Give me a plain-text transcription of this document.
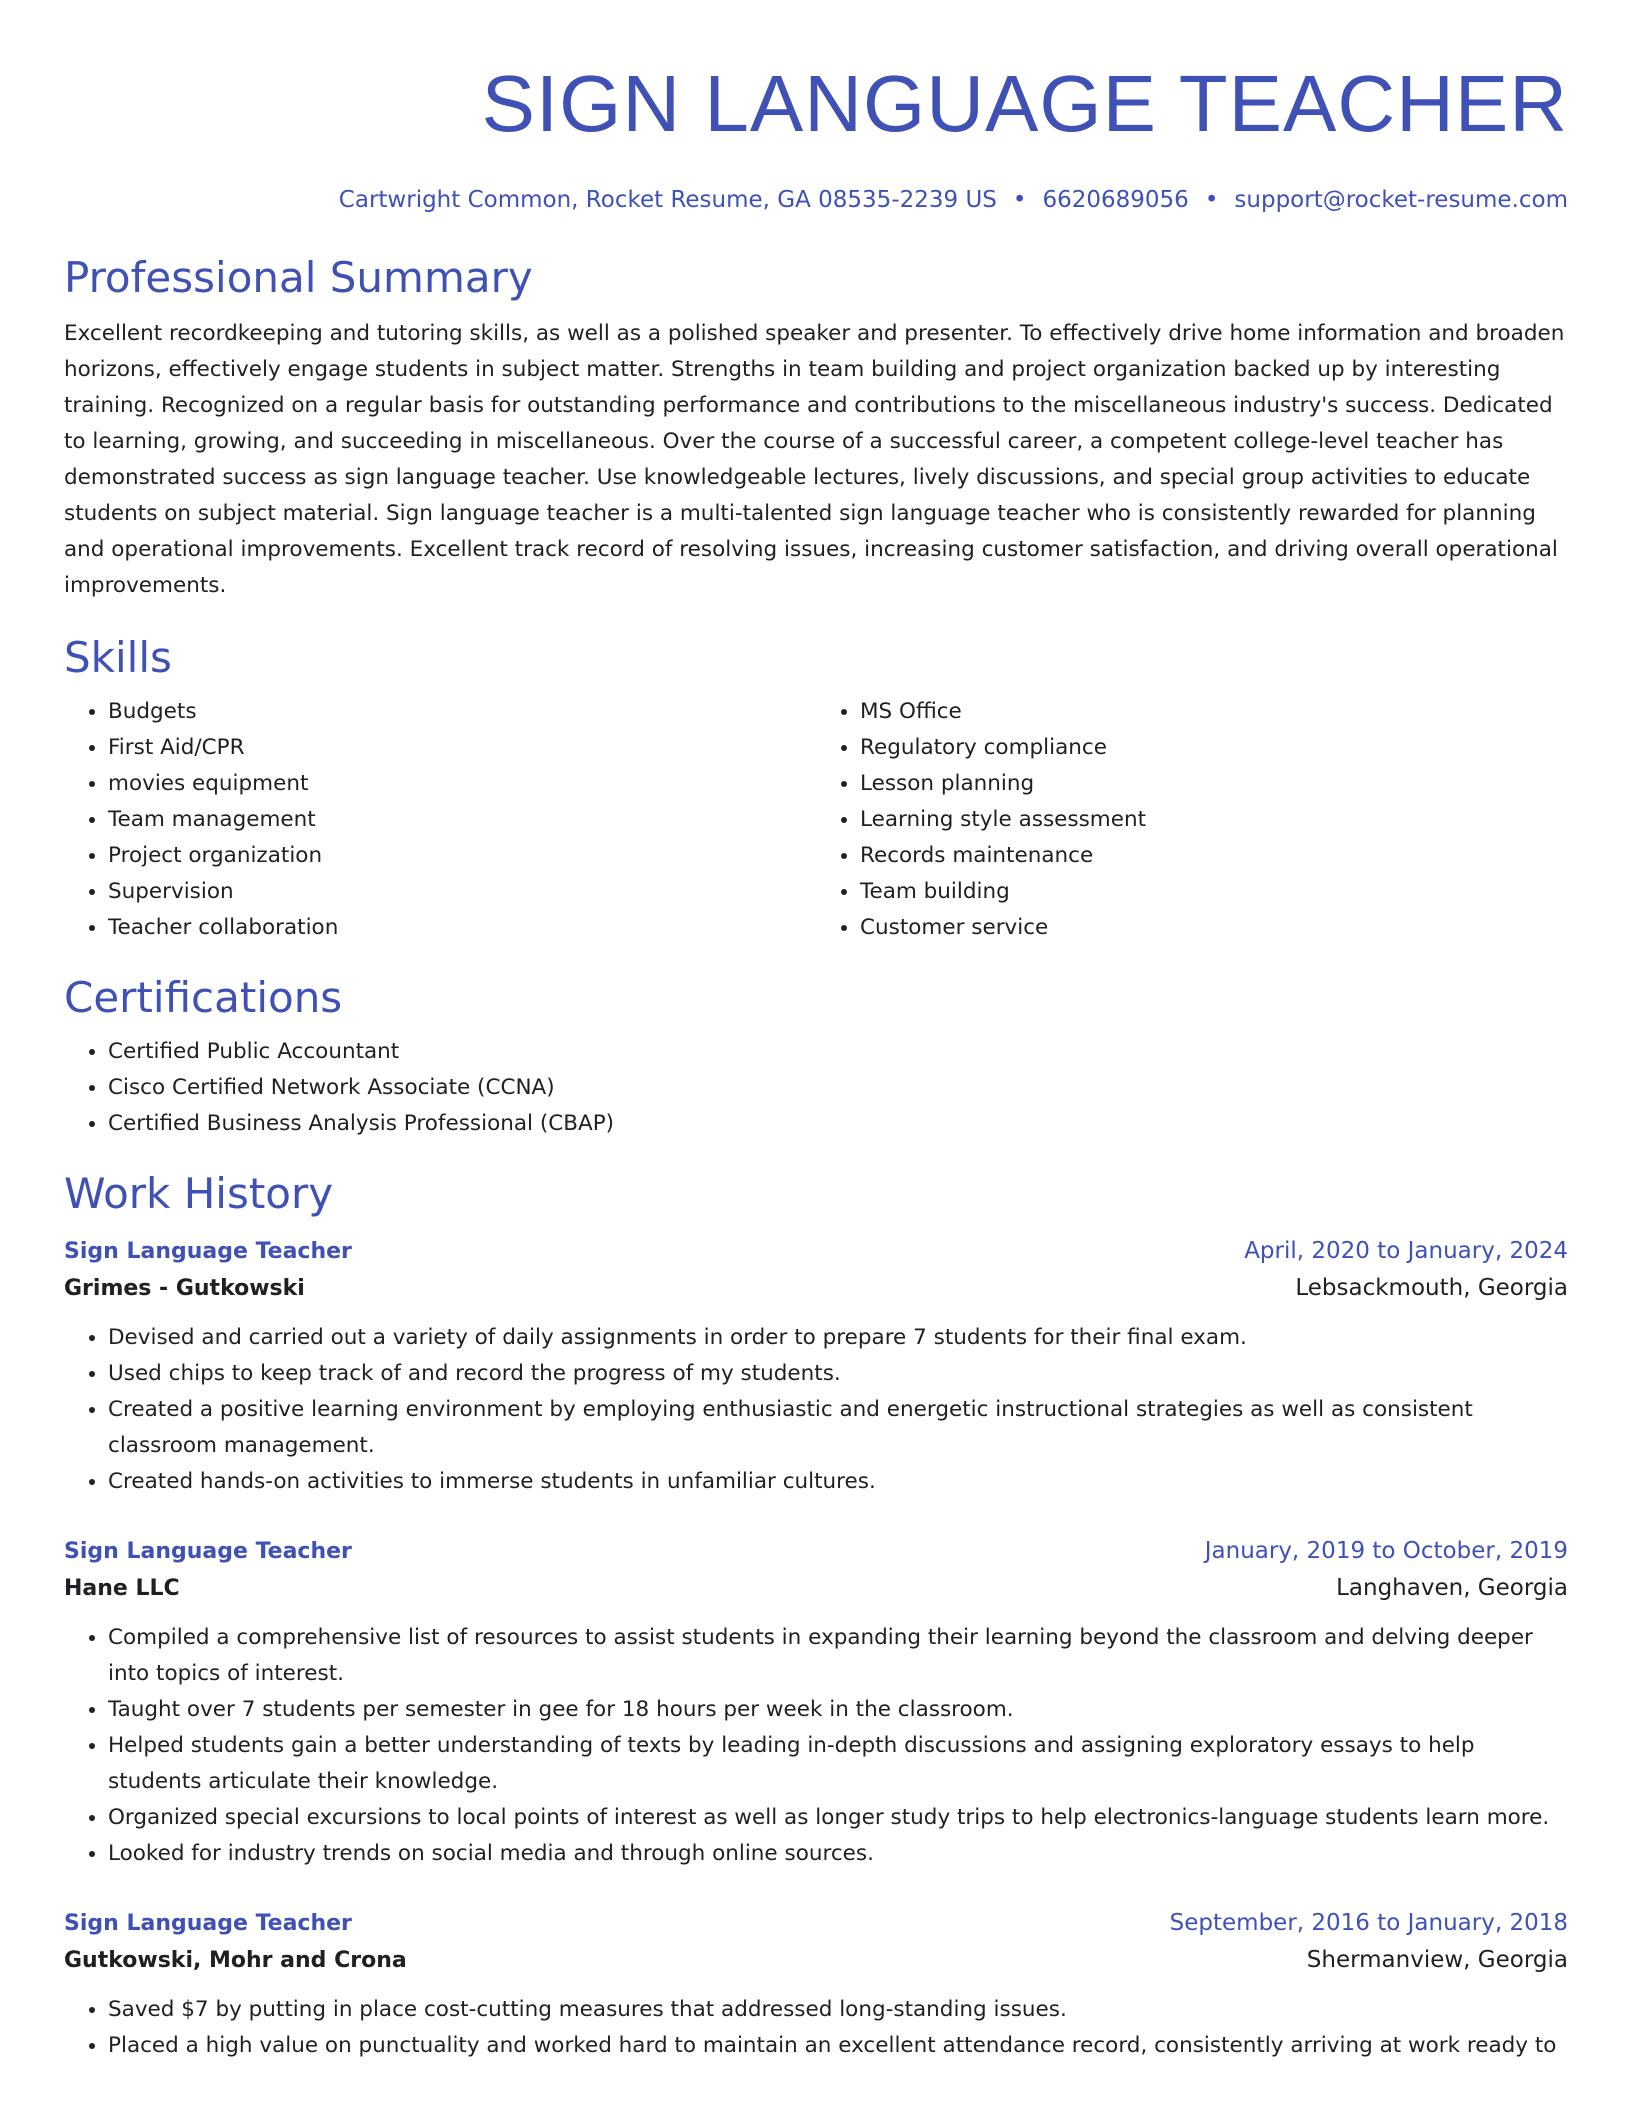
SIGN LANGUAGE TEACHER
Cartwright Common, Rocket Resume, GA 08535-2239 US • 6620689056 • support@rocket-resume.com
Professional Summary

Excellent recordkeeping and tutoring skills, as well as a polished speaker and presenter. To effectively drive home information and broaden horizons, effectively engage students in subject matter. Strengths in team building and project organization backed up by interesting training. Recognized on a regular basis for outstanding performance and contributions to the miscellaneous industry's success. Dedicated to learning, growing, and succeeding in miscellaneous. Over the course of a successful career, a competent college-level teacher has demonstrated success as sign language teacher. Use knowledgeable lectures, lively discussions, and special group activities to educate students on subject material. Sign language teacher is a multi-talented sign language teacher who is consistently rewarded for planning and operational improvements. Excellent track record of resolving issues, increasing customer satisfaction, and driving overall operational improvements.

Skills
• Budgets
• First Aid/CPR
• movies equipment
• Team management
• Project organization
• Supervision
• Teacher collaboration
• MS Office
• Regulatory compliance
• Lesson planning
• Learning style assessment
• Records maintenance
• Team building
• Customer service
Certifications
• Certified Public Accountant
• Cisco Certified Network Associate (CCNA)
• Certified Business Analysis Professional (CBAP)
Work History
Sign Language Teacher	April, 2020 to January, 2024
Grimes - Gutkowski	Lebsackmouth, Georgia
• Devised and carried out a variety of daily assignments in order to prepare 7 students for their final exam.
• Used chips to keep track of and record the progress of my students.
• Created a positive learning environment by employing enthusiastic and energetic instructional strategies as well as consistent classroom management.
• Created hands-on activities to immerse students in unfamiliar cultures.
Sign Language Teacher	January, 2019 to October, 2019
Hane LLC	Langhaven, Georgia
• Compiled a comprehensive list of resources to assist students in expanding their learning beyond the classroom and delving deeper into topics of interest.
• Taught over 7 students per semester in gee for 18 hours per week in the classroom.
• Helped students gain a better understanding of texts by leading in-depth discussions and assigning exploratory essays to help students articulate their knowledge.
• Organized special excursions to local points of interest as well as longer study trips to help electronics-language students learn more.
• Looked for industry trends on social media and through online sources.
Sign Language Teacher	September, 2016 to January, 2018
Gutkowski, Mohr and Crona	Shermanview, Georgia
• Saved $7 by putting in place cost-cutting measures that addressed long-standing issues.
• Placed a high value on punctuality and worked hard to maintain an excellent attendance record, consistently arriving at work ready to
